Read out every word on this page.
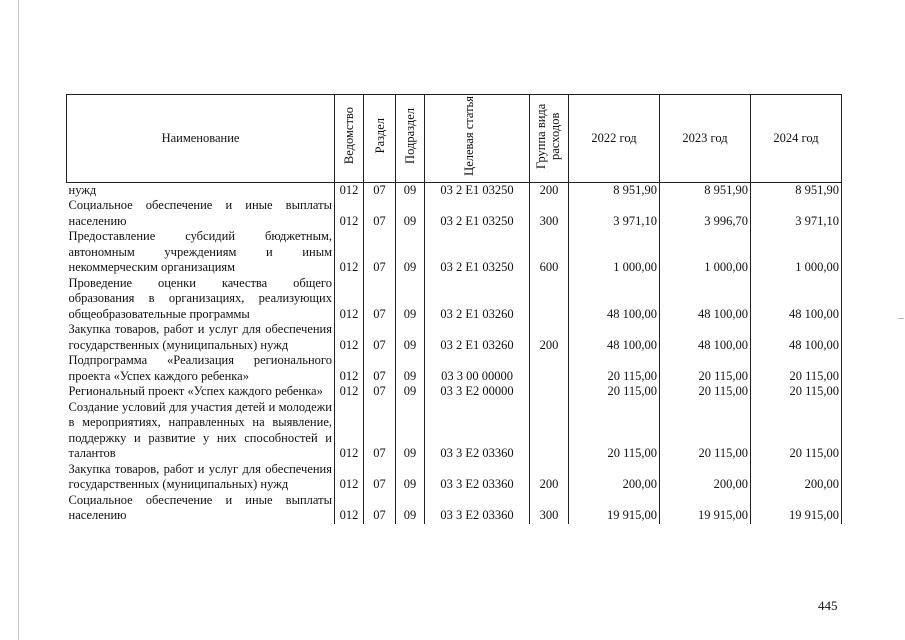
Наименование	Ведомство	Раздел	Подраздел	Целевая статья	Группа вида расходов	2022 год	2023 год	2024 год
нужд	012	07	09	03 2 Е1 03250	200	8 951,90	8 951,90	8 951,90
Социальное обеспечение и иные выплаты населению	012	07	09	03 2 Е1 03250	300	3 971,10	3 996,70	3 971,10
Предоставление субсидий бюджетным, автономным учреждениям и иным некоммерческим организациям	012	07	09	03 2 Е1 03250	600	1 000,00	1 000,00	1 000,00
Проведение оценки качества общего образования в организациях, реализующих общеобразовательные программы	012	07	09	03 2 Е1 03260		48 100,00	48 100,00	48 100,00
Закупка товаров, работ и услуг для обеспечения государственных (муниципальных) нужд	012	07	09	03 2 Е1 03260	200	48 100,00	48 100,00	48 100,00
Подпрограмма «Реализация регионального проекта «Успех каждого ребенка»	012	07	09	03 3 00 00000		20 115,00	20 115,00	20 115,00
Региональный проект «Успех каждого ребенка»	012	07	09	03 3 Е2 00000		20 115,00	20 115,00	20 115,00
Создание условий для участия детей и молодежи в мероприятиях, направленных на выявление, поддержку и развитие у них способностей и талантов	012	07	09	03 3 Е2 03360		20 115,00	20 115,00	20 115,00
Закупка товаров, работ и услуг для обеспечения государственных (муниципальных) нужд	012	07	09	03 3 Е2 03360	200	200,00	200,00	200,00
Социальное обеспечение и иные выплаты населению	012	07	09	03 3 Е2 03360	300	19 915,00	19 915,00	19 915,00
445
